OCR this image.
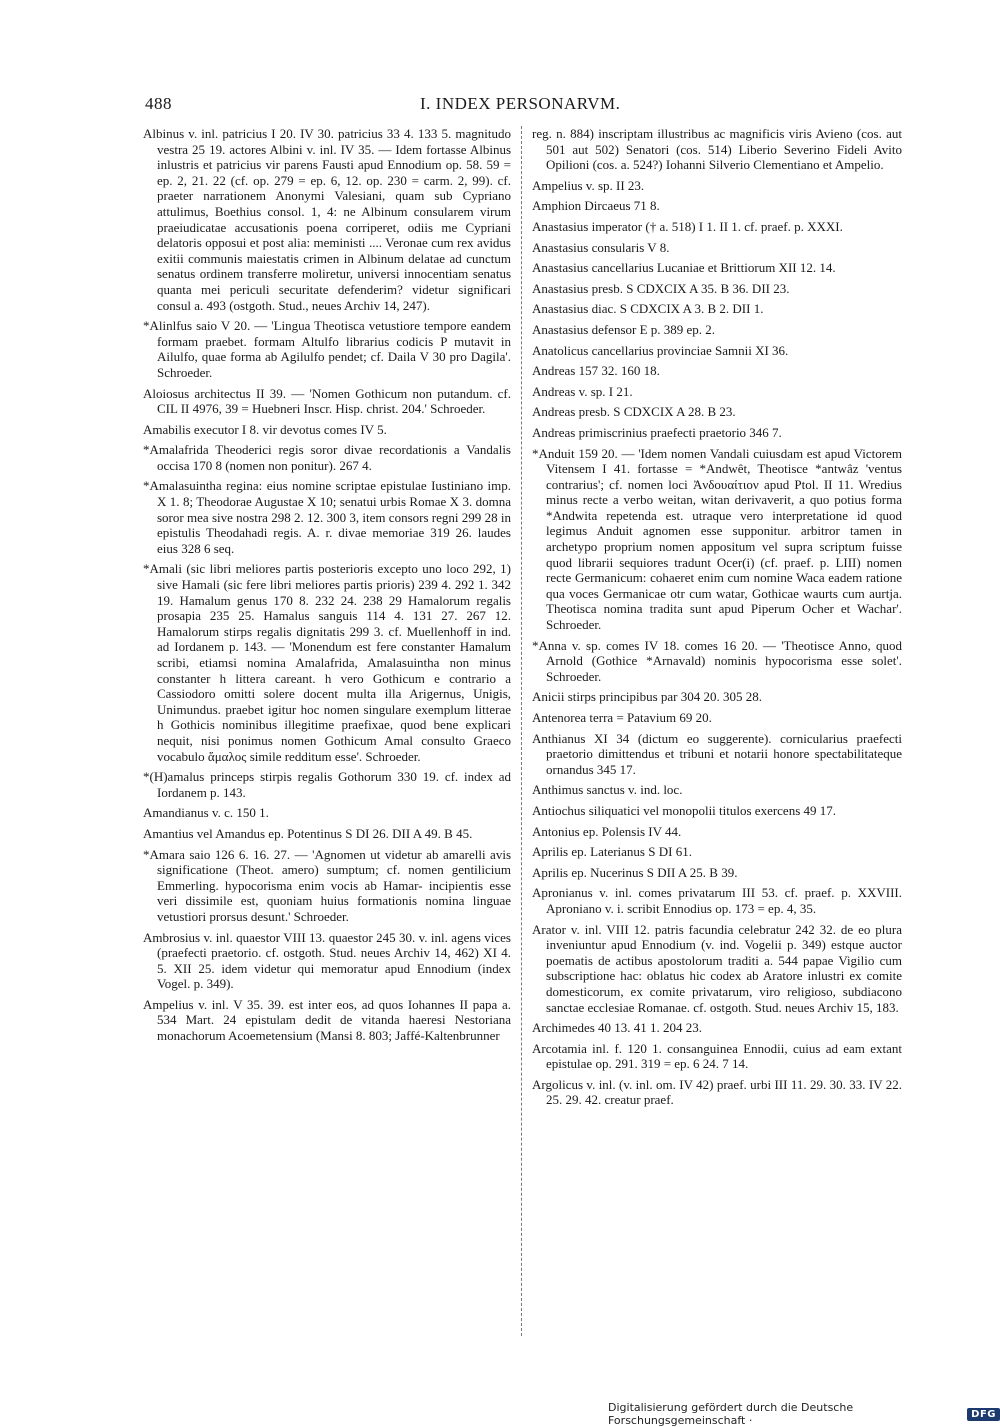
488	I. INDEX PERSONARVM.

Albinus v. inl. patricius I 20. IV 30. patricius 33 4. 133 5. magnitudo vestra 25 19. actores Albini v. inl. IV 35. — Idem fortasse Albinus inlustris et patricius vir parens Fausti apud Ennodium op. 58. 59 = ep. 2, 21. 22 (cf. op. 279 = ep. 6, 12. op. 230 = carm. 2, 99). cf. praeter narrationem Anonymi Valesiani, quam sub Cypriano attulimus, Boethius consol. 1, 4: ne Albinum consularem virum praeiudicatae accusationis poena corriperet, odiis me Cypriani delatoris opposui et post alia: meministi .... Veronae cum rex avidus exitii communis maiestatis crimen in Albinum delatae ad cunctum senatus ordinem transferre moliretur, universi innocentiam senatus quanta mei periculi securitate defenderim? videtur significari consul a. 493 (ostgoth. Stud., neues Archiv 14, 247).

*Alinlfus saio V 20. — 'Lingua Theotisca vetustiore tempore eandem formam praebet. formam Altulfo librarius codicis P mutavit in Ailulfo, quae forma ab Agilulfo pendet; cf. Daila V 30 pro Dagila'. Schroeder.

Aloiosus architectus II 39. — 'Nomen Gothicum non putandum. cf. CIL II 4976, 39 = Huebneri Inscr. Hisp. christ. 204.' Schroeder.

Amabilis executor I 8. vir devotus comes IV 5.

*Amalafrida Theoderici regis soror divae recordationis a Vandalis occisa 170 8 (nomen non ponitur). 267 4.

*Amalasuintha regina: eius nomine scriptae epistulae Iustiniano imp. X 1. 8; Theodorae Augustae X 10; senatui urbis Romae X 3. domna soror mea sive nostra 298 2. 12. 300 3, item consors regni 299 28 in epistulis Theodahadi regis. A. r. divae memoriae 319 26. laudes eius 328 6 seq.

*Amali (sic libri meliores partis posterioris excepto uno loco 292, 1) sive Hamali (sic fere libri meliores partis prioris) 239 4. 292 1. 342 19. Hamalum genus 170 8. 232 24. 238 29 Hamalorum regalis prosapia 235 25. Hamalus sanguis 114 4. 131 27. 267 12. Hamalorum stirps regalis dignitatis 299 3. cf. Muellenhoff in ind. ad Iordanem p. 143. — 'Monendum est fere constanter Hamalum scribi, etiamsi nomina Amalafrida, Amalasuintha non minus constanter h littera careant. h vero Gothicum e contrario a Cassiodoro omitti solere docent multa illa Arigernus, Unigis, Unimundus. praebet igitur hoc nomen singulare exemplum litterae h Gothicis nominibus illegitime praefixae, quod bene explicari nequit, nisi ponimus nomen Gothicum Amal consulto Graeco vocabulo ἅμαλος simile redditum esse'. Schroeder.

*(H)amalus princeps stirpis regalis Gothorum 330 19. cf. index ad Iordanem p. 143.

Amandianus v. c. 150 1.

Amantius vel Amandus ep. Potentinus S DI 26. DII A 49. B 45.

*Amara saio 126 6. 16. 27. — 'Agnomen ut videtur ab amarelli avis significatione (Theot. amero) sumptum; cf. nomen gentilicium Emmerling. hypocorisma enim vocis ab Hamar- incipientis esse veri dissimile est, quoniam huius formationis nomina linguae vetustiori prorsus desunt.' Schroeder.

Ambrosius v. inl. quaestor VIII 13. quaestor 245 30. v. inl. agens vices (praefecti praetorio. cf. ostgoth. Stud. neues Archiv 14, 462) XI 4. 5. XII 25. idem videtur qui memoratur apud Ennodium (index Vogel. p. 349).

Ampelius v. inl. V 35. 39. est inter eos, ad quos Iohannes II papa a. 534 Mart. 24 epistulam dedit de vitanda haeresi Nestoriana monachorum Acoemetensium (Mansi 8. 803; Jaffé-Kaltenbrunner

reg. n. 884) inscriptam illustribus ac magnificis viris Avieno (cos. aut 501 aut 502) Senatori (cos. 514) Liberio Severino Fideli Avito Opilioni (cos. a. 524?) Iohanni Silverio Clementiano et Ampelio.

Ampelius v. sp. II 23.

Amphion Dircaeus 71 8.

Anastasius imperator († a. 518) I 1. II 1. cf. praef. p. XXXI.

Anastasius consularis V 8.

Anastasius cancellarius Lucaniae et Brittiorum XII 12. 14.

Anastasius presb. S CDXCIX A 35. B 36. DII 23.

Anastasius diac. S CDXCIX A 3. B 2. DII 1.

Anastasius defensor E p. 389 ep. 2.

Anatolicus cancellarius provinciae Samnii XI 36.

Andreas 157 32. 160 18.

Andreas v. sp. I 21.

Andreas presb. S CDXCIX A 28. B 23.

Andreas primiscrinius praefecti praetorio 346 7.

*Anduit 159 20. — 'Idem nomen Vandali cuiusdam est apud Victorem Vitensem I 41. fortasse = *Andwêt, Theotisce *antwâz 'ventus contrarius'; cf. nomen loci Ἀνδουαίτιον apud Ptol. II 11. Wredius minus recte a verbo weitan, witan derivaverit, a quo potius forma *Andwita repetenda est. utraque vero interpretatione id quod legimus Anduit agnomen esse supponitur. arbitror tamen in archetypo proprium nomen appositum vel supra scriptum fuisse quod librarii sequiores tradunt Ocer(i) (cf. praef. p. LIII) nomen recte Germanicum: cohaeret enim cum nomine Waca eadem ratione qua voces Germanicae otr cum watar, Gothicae waurts cum aurtja. Theotisca nomina tradita sunt apud Piperum Ocher et Wachar'. Schroeder.

*Anna v. sp. comes IV 18. comes 16 20. — 'Theotisce Anno, quod Arnold (Gothice *Arnavald) nominis hypocorisma esse solet'. Schroeder.

Anicii stirps principibus par 304 20. 305 28.

Antenorea terra = Patavium 69 20.

Anthianus XI 34 (dictum eo suggerente). cornicularius praefecti praetorio dimittendus et tribuni et notarii honore spectabilitateque ornandus 345 17.

Anthimus sanctus v. ind. loc.

Antiochus siliquatici vel monopolii titulos exercens 49 17.

Antonius ep. Polensis IV 44.

Aprilis ep. Laterianus S DI 61.

Aprilis ep. Nucerinus S DII A 25. B 39.

Apronianus v. inl. comes privatarum III 53. cf. praef. p. XXVIII. Apronianо v. i. scribit Ennodius op. 173 = ep. 4, 35.

Arator v. inl. VIII 12. patris facundia celebratur 242 32. de eo plura inveniuntur apud Ennodium (v. ind. Vogelii p. 349) estque auctor poematis de actibus apostolorum traditi a. 544 papae Vigilio cum subscriptione hac: oblatus hic codex ab Aratore inlustri ex comite domesticorum, ex comite privatarum, viro religioso, subdiacono sanctae ecclesiae Romanae. cf. ostgoth. Stud. neues Archiv 15, 183.

Archimedes 40 13. 41 1. 204 23.

Arcotamia inl. f. 120 1. consanguinea Ennodii, cuius ad eam extant epistulae op. 291. 319 = ep. 6 24. 7 14.

Argolicus v. inl. (v. inl. om. IV 42) praef. urbi III 11. 29. 30. 33. IV 22. 25. 29. 42. creatur praef.

Digitalisierung gefördert durch die Deutsche Forschungsgemeinschaft ·	DFG
